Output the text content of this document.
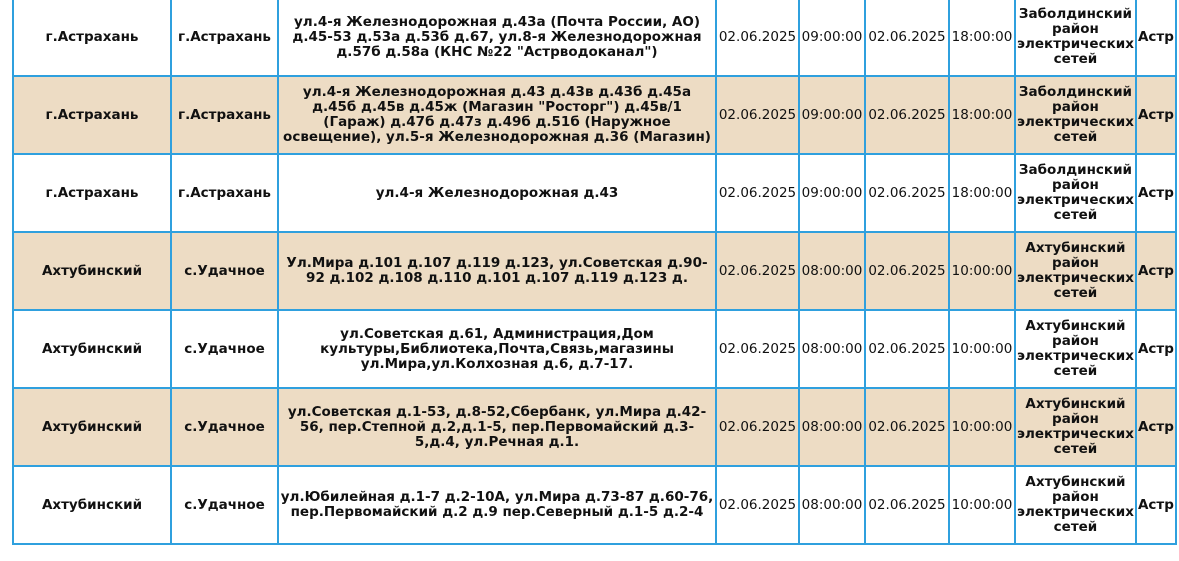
г.Астрахань	г.Астрахань	ул.4-я Железнодорожная д.43а (Почта России, АО) д.45-53 д.53а д.53б д.67, ул.8-я Железнодорожная д.57б д.58а (КНС №22 "Астрводоканал")	02.06.2025	09:00:00	02.06.2025	18:00:00	Заболдинский район электрических сетей	Астр
г.Астрахань	г.Астрахань	ул.4-я Железнодорожная д.43 д.43в д.43б д.45а д.45б д.45в д.45ж (Магазин "Росторг") д.45в/1 (Гараж) д.47б д.47з д.49б д.51б (Наружное освещение), ул.5-я Железнодорожная д.36 (Магазин)	02.06.2025	09:00:00	02.06.2025	18:00:00	Заболдинский район электрических сетей	Астр
г.Астрахань	г.Астрахань	ул.4-я Железнодорожная д.43	02.06.2025	09:00:00	02.06.2025	18:00:00	Заболдинский район электрических сетей	Астр
Ахтубинский	с.Удачное	Ул.Мира д.101 д.107 д.119 д.123, ул.Советская д.90-92 д.102 д.108 д.110 д.101 д.107 д.119 д.123 д.	02.06.2025	08:00:00	02.06.2025	10:00:00	Ахтубинский район электрических сетей	Астр
Ахтубинский	с.Удачное	ул.Советская д.61, Администрация,Дом культуры,Библиотека,Почта,Связь,магазины ул.Мира,ул.Колхозная д.6, д.7-17.	02.06.2025	08:00:00	02.06.2025	10:00:00	Ахтубинский район электрических сетей	Астр
Ахтубинский	с.Удачное	ул.Советская д.1-53, д.8-52,Сбербанк, ул.Мира д.42-56, пер.Степной д.2,д.1-5, пер.Первомайский д.3-5,д.4, ул.Речная д.1.	02.06.2025	08:00:00	02.06.2025	10:00:00	Ахтубинский район электрических сетей	Астр
Ахтубинский	с.Удачное	ул.Юбилейная д.1-7 д.2-10А, ул.Мира д.73-87 д.60-76, пер.Первомайский д.2 д.9 пер.Северный д.1-5 д.2-4	02.06.2025	08:00:00	02.06.2025	10:00:00	Ахтубинский район электрических сетей	Астр
